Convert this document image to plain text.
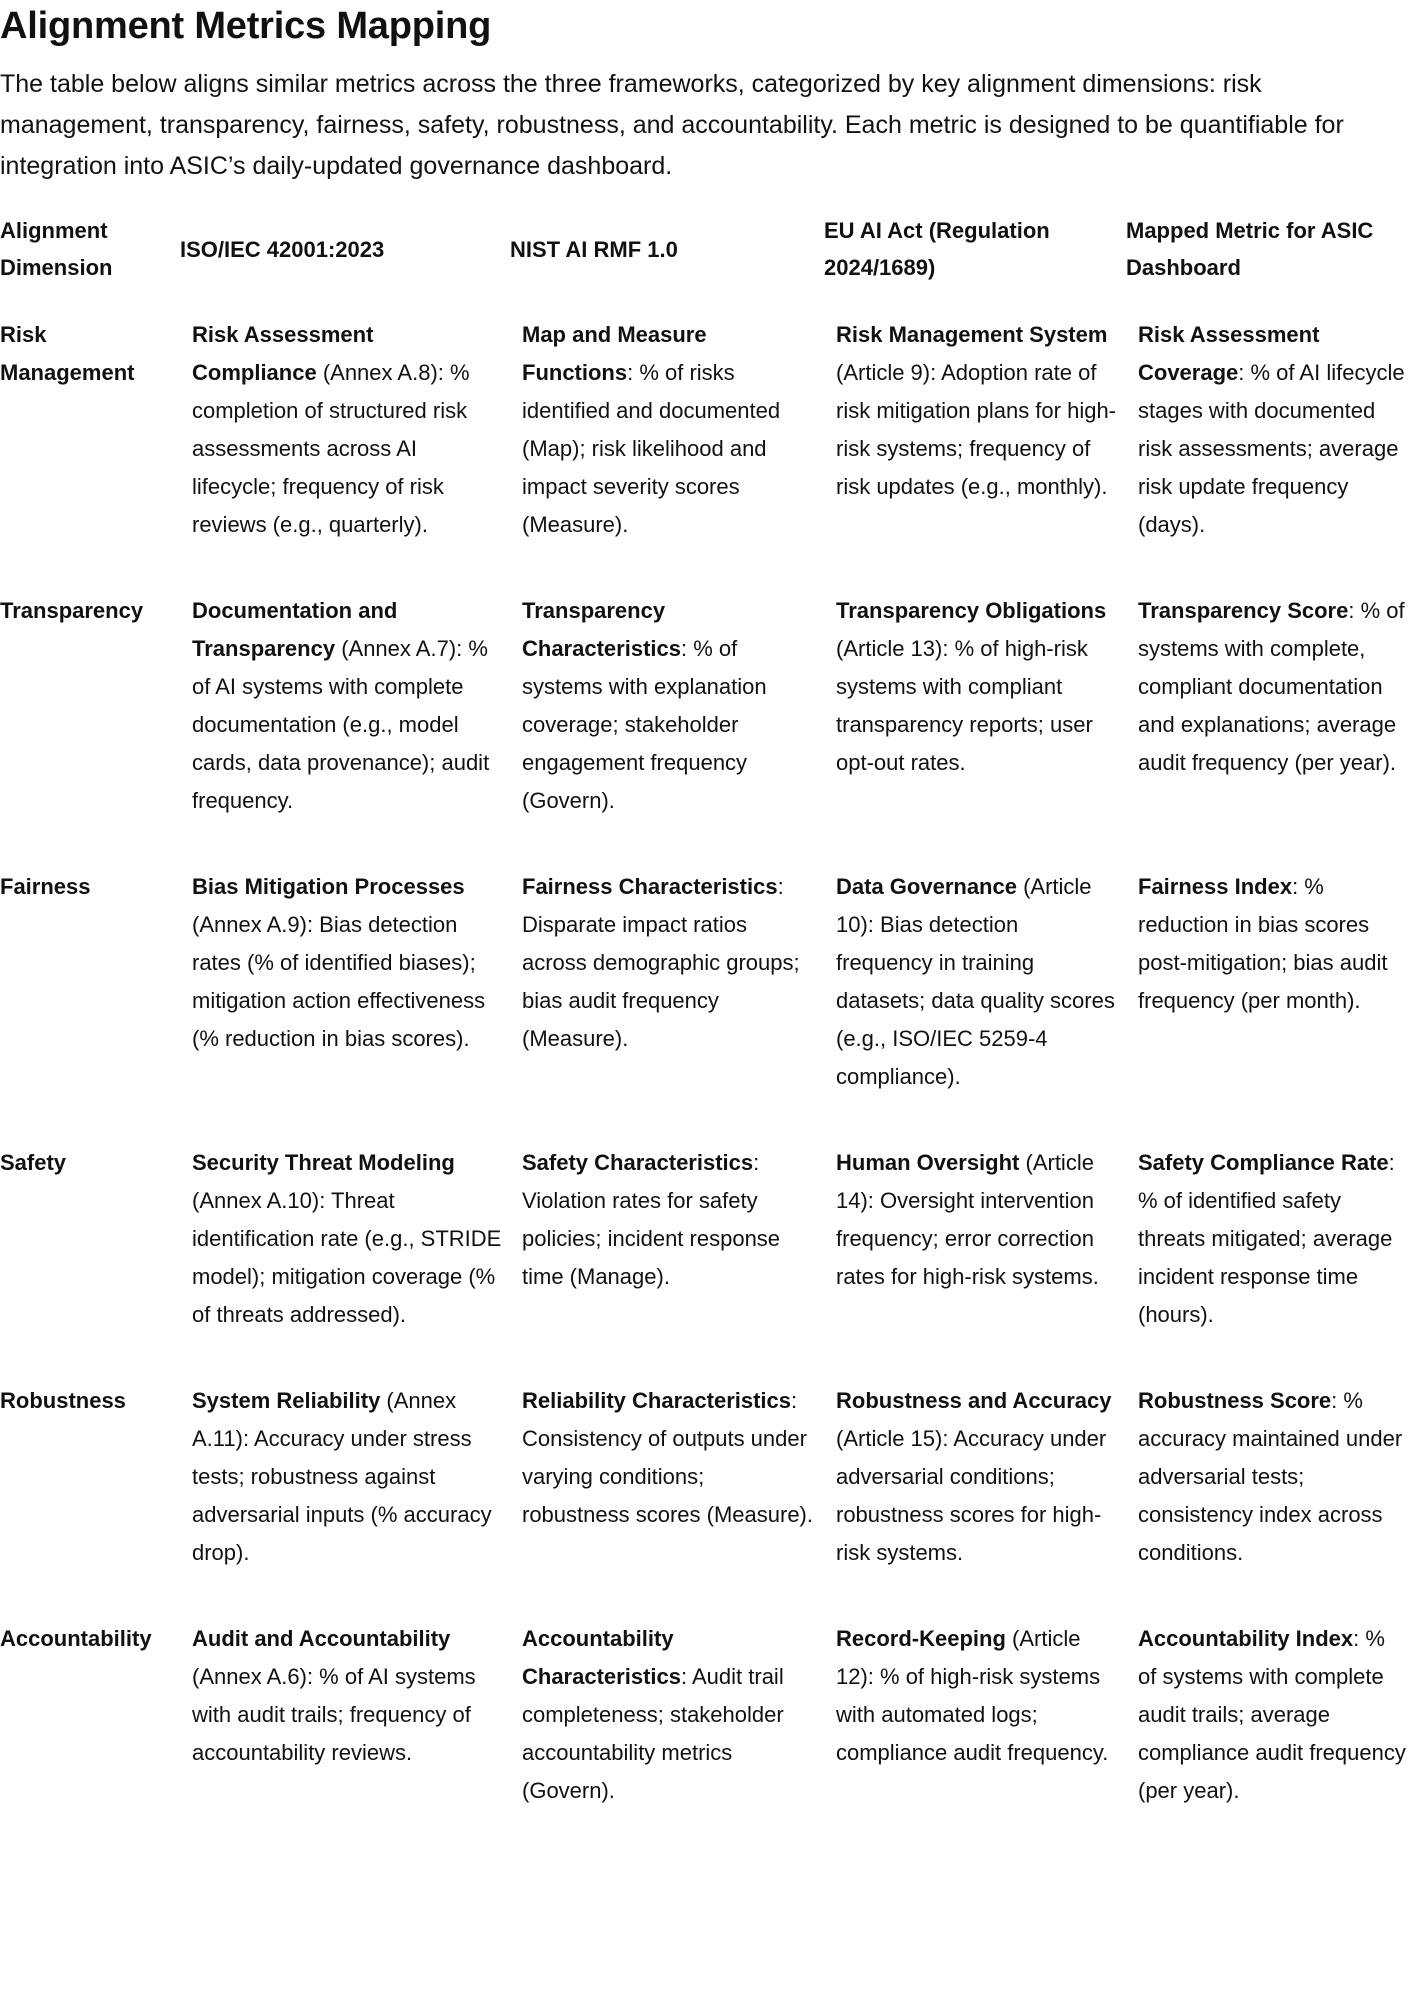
Alignment Metrics Mapping

The table below aligns similar metrics across the three frameworks, categorized by key alignment dimensions: risk management, transparency, fairness, safety, robustness, and accountability. Each metric is designed to be quantifiable for integration into ASIC’s daily-updated governance dashboard.

Alignment Dimension	ISO/IEC 42001:2023	NIST AI RMF 1.0	EU AI Act (Regulation 2024/1689)	Mapped Metric for ASIC Dashboard
Risk Management	Risk Assessment Compliance (Annex A.8): % completion of structured risk assessments across AI lifecycle; frequency of risk reviews (e.g., quarterly).	Map and Measure Functions: % of risks identified and documented (Map); risk likelihood and impact severity scores (Measure).	Risk Management System (Article 9): Adoption rate of risk mitigation plans for high-risk systems; frequency of risk updates (e.g., monthly).	Risk Assessment Coverage: % of AI lifecycle stages with documented risk assessments; average risk update frequency (days).
Transparency	Documentation and Transparency (Annex A.7): % of AI systems with complete documentation (e.g., model cards, data provenance); audit frequency.	Transparency Characteristics: % of systems with explanation coverage; stakeholder engagement frequency (Govern).	Transparency Obligations (Article 13): % of high-risk systems with compliant transparency reports; user opt-out rates.	Transparency Score: % of systems with complete, compliant documentation and explanations; average audit frequency (per year).
Fairness	Bias Mitigation Processes (Annex A.9): Bias detection rates (% of identified biases); mitigation action effectiveness (% reduction in bias scores).	Fairness Characteristics: Disparate impact ratios across demographic groups; bias audit frequency (Measure).	Data Governance (Article 10): Bias detection frequency in training datasets; data quality scores (e.g., ISO/IEC 5259-4 compliance).	Fairness Index: % reduction in bias scores post-mitigation; bias audit frequency (per month).
Safety	Security Threat Modeling (Annex A.10): Threat identification rate (e.g., STRIDE model); mitigation coverage (% of threats addressed).	Safety Characteristics: Violation rates for safety policies; incident response time (Manage).	Human Oversight (Article 14): Oversight intervention frequency; error correction rates for high-risk systems.	Safety Compliance Rate: % of identified safety threats mitigated; average incident response time (hours).
Robustness	System Reliability (Annex A.11): Accuracy under stress tests; robustness against adversarial inputs (% accuracy drop).	Reliability Characteristics: Consistency of outputs under varying conditions; robustness scores (Measure).	Robustness and Accuracy (Article 15): Accuracy under adversarial conditions; robustness scores for high-risk systems.	Robustness Score: % accuracy maintained under adversarial tests; consistency index across conditions.
Accountability	Audit and Accountability (Annex A.6): % of AI systems with audit trails; frequency of accountability reviews.	Accountability Characteristics: Audit trail completeness; stakeholder accountability metrics (Govern).	Record-Keeping (Article 12): % of high-risk systems with automated logs; compliance audit frequency.	Accountability Index: % of systems with complete audit trails; average compliance audit frequency (per year).
